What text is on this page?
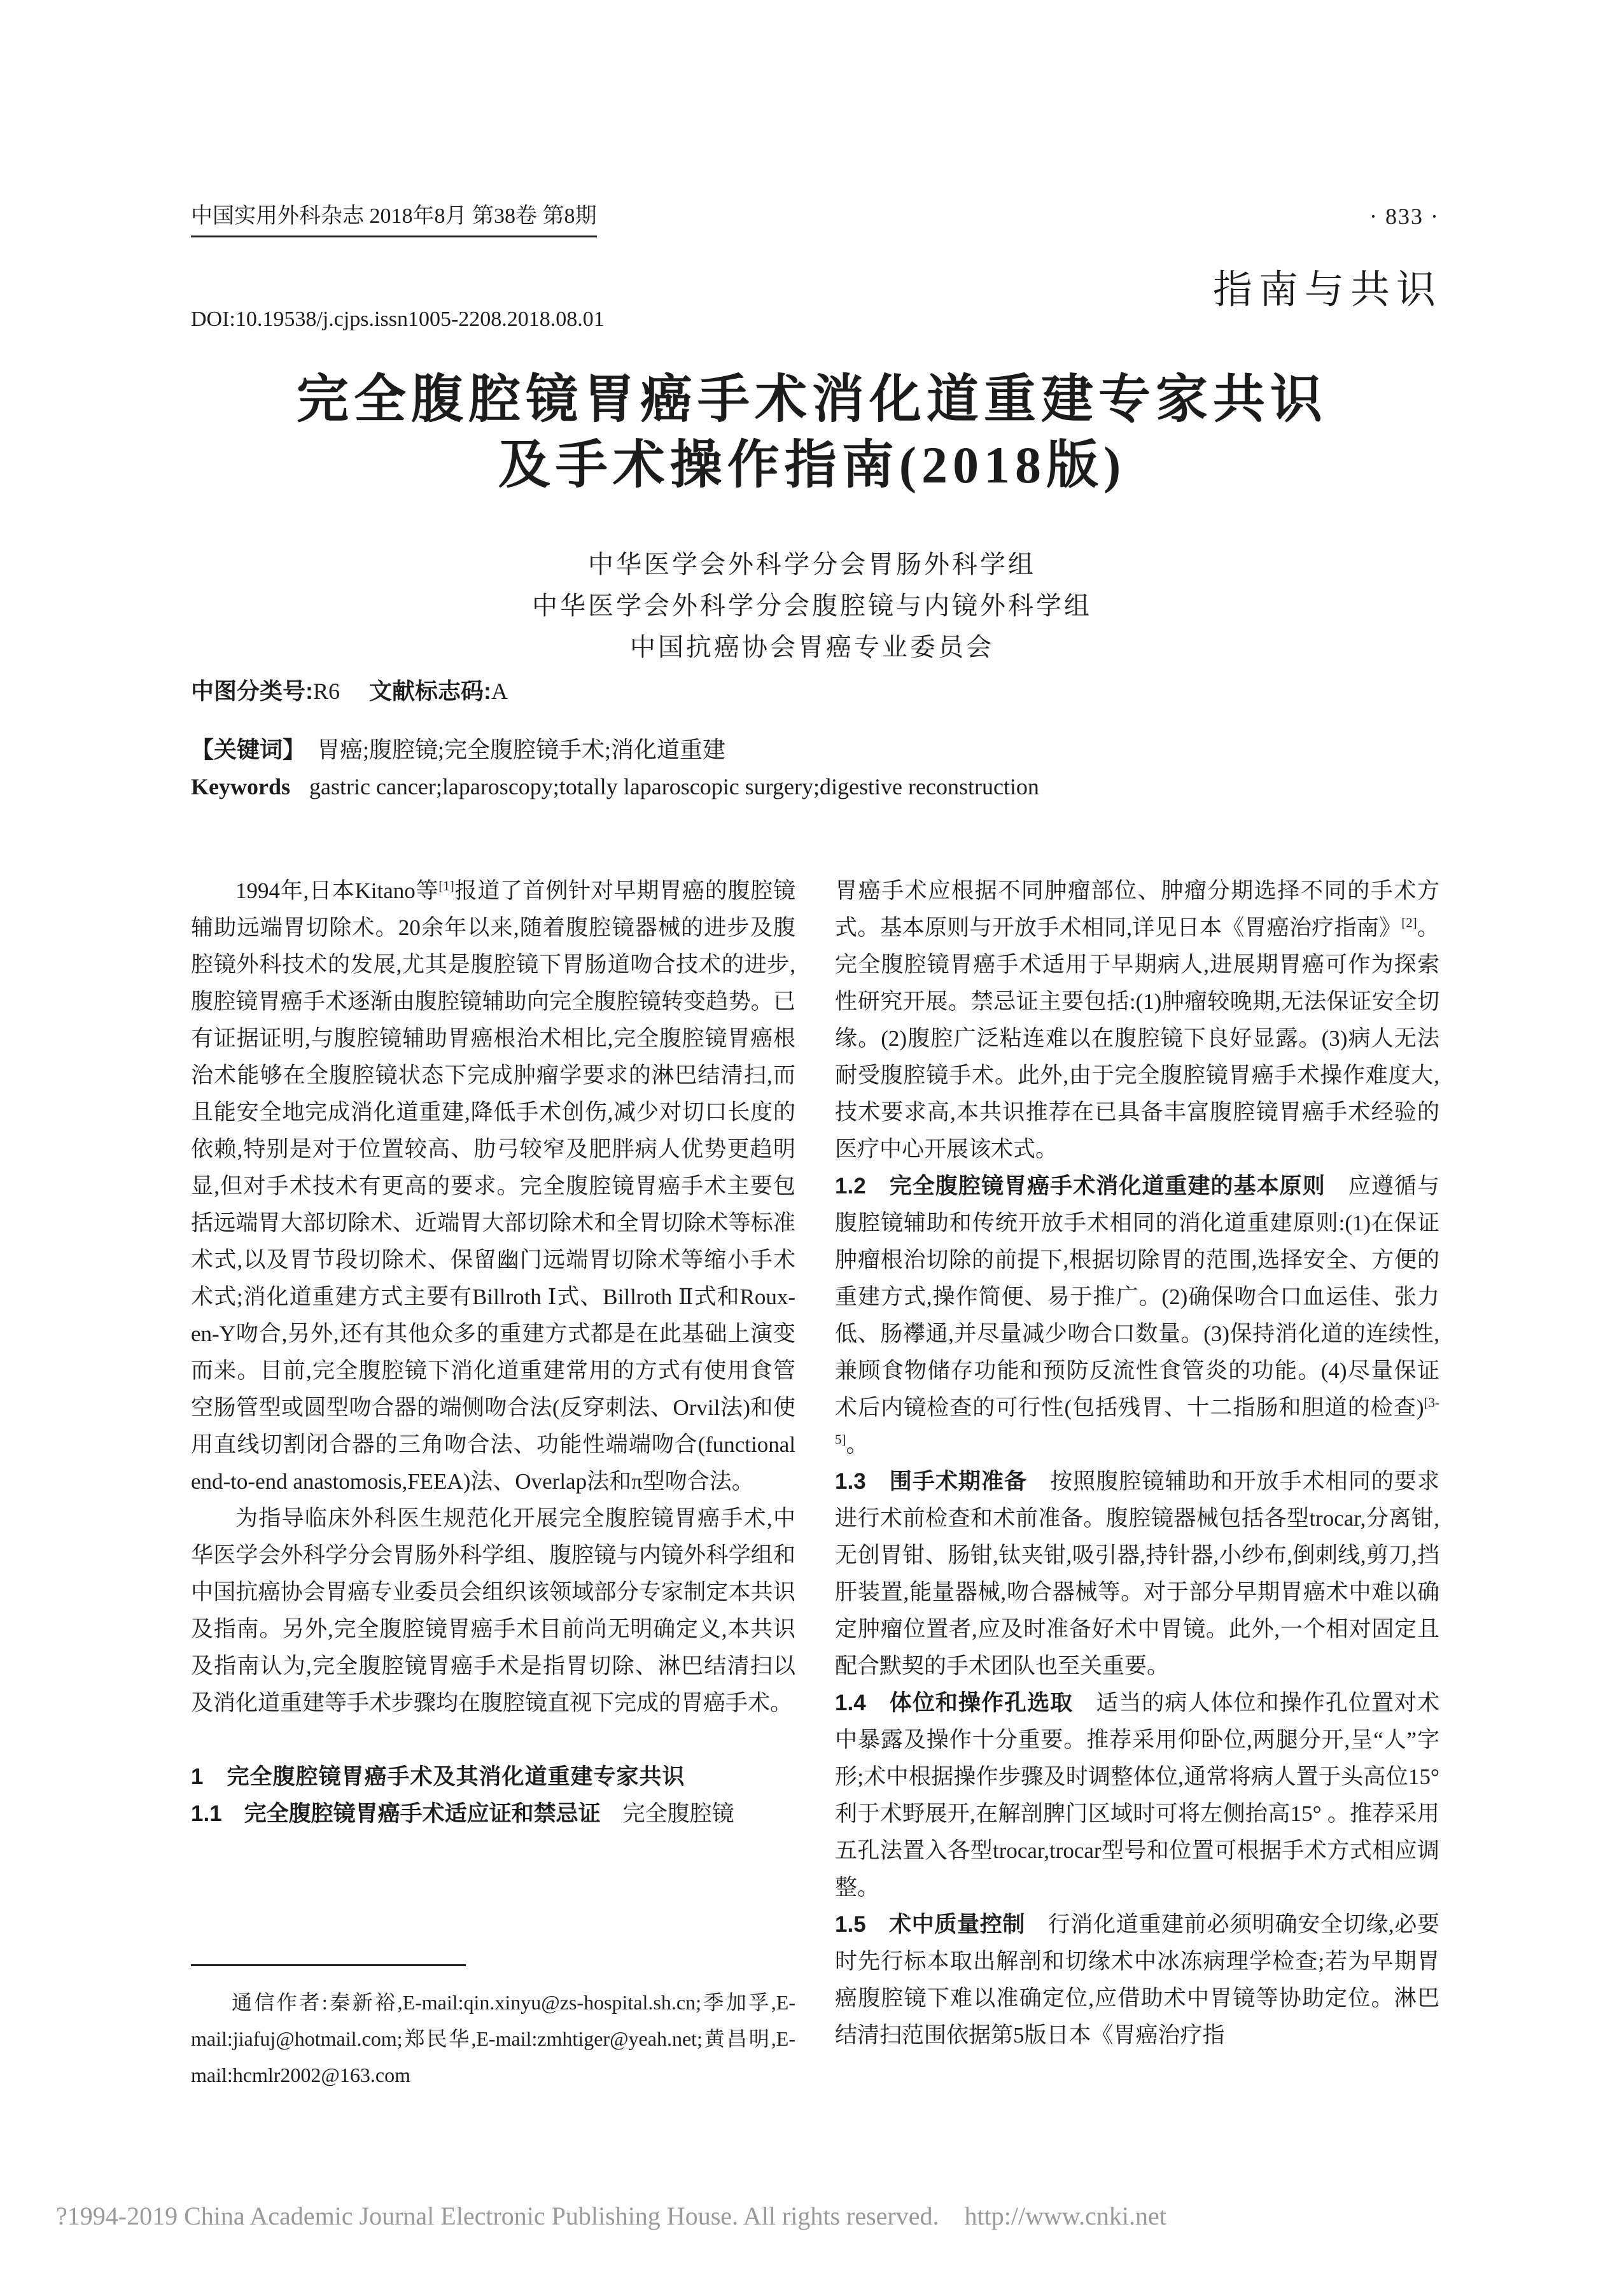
中国实用外科杂志 2018年8月 第38卷 第8期	· 833 ·
指南与共识
DOI:10.19538/j.cjps.issn1005-2208.2018.08.01
完全腹腔镜胃癌手术消化道重建专家共识
及手术操作指南(2018版)
中华医学会外科学分会胃肠外科学组
中华医学会外科学分会腹腔镜与内镜外科学组
中国抗癌协会胃癌专业委员会
中图分类号:R6 文献标志码:A
【关键词】 胃癌;腹腔镜;完全腹腔镜手术;消化道重建
Keywords gastric cancer;laparoscopy;totally laparoscopic surgery;digestive reconstruction

1994年,日本Kitano等[1]报道了首例针对早期胃癌的腹腔镜辅助远端胃切除术。20余年以来,随着腹腔镜器械的进步及腹腔镜外科技术的发展,尤其是腹腔镜下胃肠道吻合技术的进步,腹腔镜胃癌手术逐渐由腹腔镜辅助向完全腹腔镜转变趋势。已有证据证明,与腹腔镜辅助胃癌根治术相比,完全腹腔镜胃癌根治术能够在全腹腔镜状态下完成肿瘤学要求的淋巴结清扫,而且能安全地完成消化道重建,降低手术创伤,减少对切口长度的依赖,特别是对于位置较高、肋弓较窄及肥胖病人优势更趋明显,但对手术技术有更高的要求。完全腹腔镜胃癌手术主要包括远端胃大部切除术、近端胃大部切除术和全胃切除术等标准术式,以及胃节段切除术、保留幽门远端胃切除术等缩小手术术式;消化道重建方式主要有Billroth Ⅰ式、Billroth Ⅱ式和Roux-en-Y吻合,另外,还有其他众多的重建方式都是在此基础上演变而来。目前,完全腹腔镜下消化道重建常用的方式有使用食管空肠管型或圆型吻合器的端侧吻合法(反穿刺法、Orvil法)和使用直线切割闭合器的三角吻合法、功能性端端吻合(functional end-to-end anastomosis,FEEA)法、Overlap法和π型吻合法。

为指导临床外科医生规范化开展完全腹腔镜胃癌手术,中华医学会外科学分会胃肠外科学组、腹腔镜与内镜外科学组和中国抗癌协会胃癌专业委员会组织该领域部分专家制定本共识及指南。另外,完全腹腔镜胃癌手术目前尚无明确定义,本共识及指南认为,完全腹腔镜胃癌手术是指胃切除、淋巴结清扫以及消化道重建等手术步骤均在腹腔镜直视下完成的胃癌手术。

1　完全腹腔镜胃癌手术及其消化道重建专家共识

1.1　完全腹腔镜胃癌手术适应证和禁忌证　完全腹腔镜

胃癌手术应根据不同肿瘤部位、肿瘤分期选择不同的手术方式。基本原则与开放手术相同,详见日本《胃癌治疗指南》[2]。完全腹腔镜胃癌手术适用于早期病人,进展期胃癌可作为探索性研究开展。禁忌证主要包括:(1)肿瘤较晚期,无法保证安全切缘。(2)腹腔广泛粘连难以在腹腔镜下良好显露。(3)病人无法耐受腹腔镜手术。此外,由于完全腹腔镜胃癌手术操作难度大,技术要求高,本共识推荐在已具备丰富腹腔镜胃癌手术经验的医疗中心开展该术式。

1.2　完全腹腔镜胃癌手术消化道重建的基本原则　应遵循与腹腔镜辅助和传统开放手术相同的消化道重建原则:(1)在保证肿瘤根治切除的前提下,根据切除胃的范围,选择安全、方便的重建方式,操作简便、易于推广。(2)确保吻合口血运佳、张力低、肠襻通,并尽量减少吻合口数量。(3)保持消化道的连续性,兼顾食物储存功能和预防反流性食管炎的功能。(4)尽量保证术后内镜检查的可行性(包括残胃、十二指肠和胆道的检查)[3-5]。

1.3　围手术期准备　按照腹腔镜辅助和开放手术相同的要求进行术前检查和术前准备。腹腔镜器械包括各型trocar,分离钳,无创胃钳、肠钳,钛夹钳,吸引器,持针器,小纱布,倒刺线,剪刀,挡肝装置,能量器械,吻合器械等。对于部分早期胃癌术中难以确定肿瘤位置者,应及时准备好术中胃镜。此外,一个相对固定且配合默契的手术团队也至关重要。

1.4　体位和操作孔选取　适当的病人体位和操作孔位置对术中暴露及操作十分重要。推荐采用仰卧位,两腿分开,呈“人”字形;术中根据操作步骤及时调整体位,通常将病人置于头高位15° 利于术野展开,在解剖脾门区域时可将左侧抬高15° 。推荐采用五孔法置入各型trocar,trocar型号和位置可根据手术方式相应调整。

1.5　术中质量控制　行消化道重建前必须明确安全切缘,必要时先行标本取出解剖和切缘术中冰冻病理学检查;若为早期胃癌腹腔镜下难以准确定位,应借助术中胃镜等协助定位。淋巴结清扫范围依据第5版日本《胃癌治疗指

通信作者:秦新裕,E-mail:qin.xinyu@zs-hospital.sh.cn;季加孚,E-mail:jiafuj@hotmail.com;郑民华,E-mail:zmhtiger@yeah.net;黄昌明,E-mail:hcmlr2002@163.com
?1994-2019 China Academic Journal Electronic Publishing House. All rights reserved.    http://www.cnki.net
